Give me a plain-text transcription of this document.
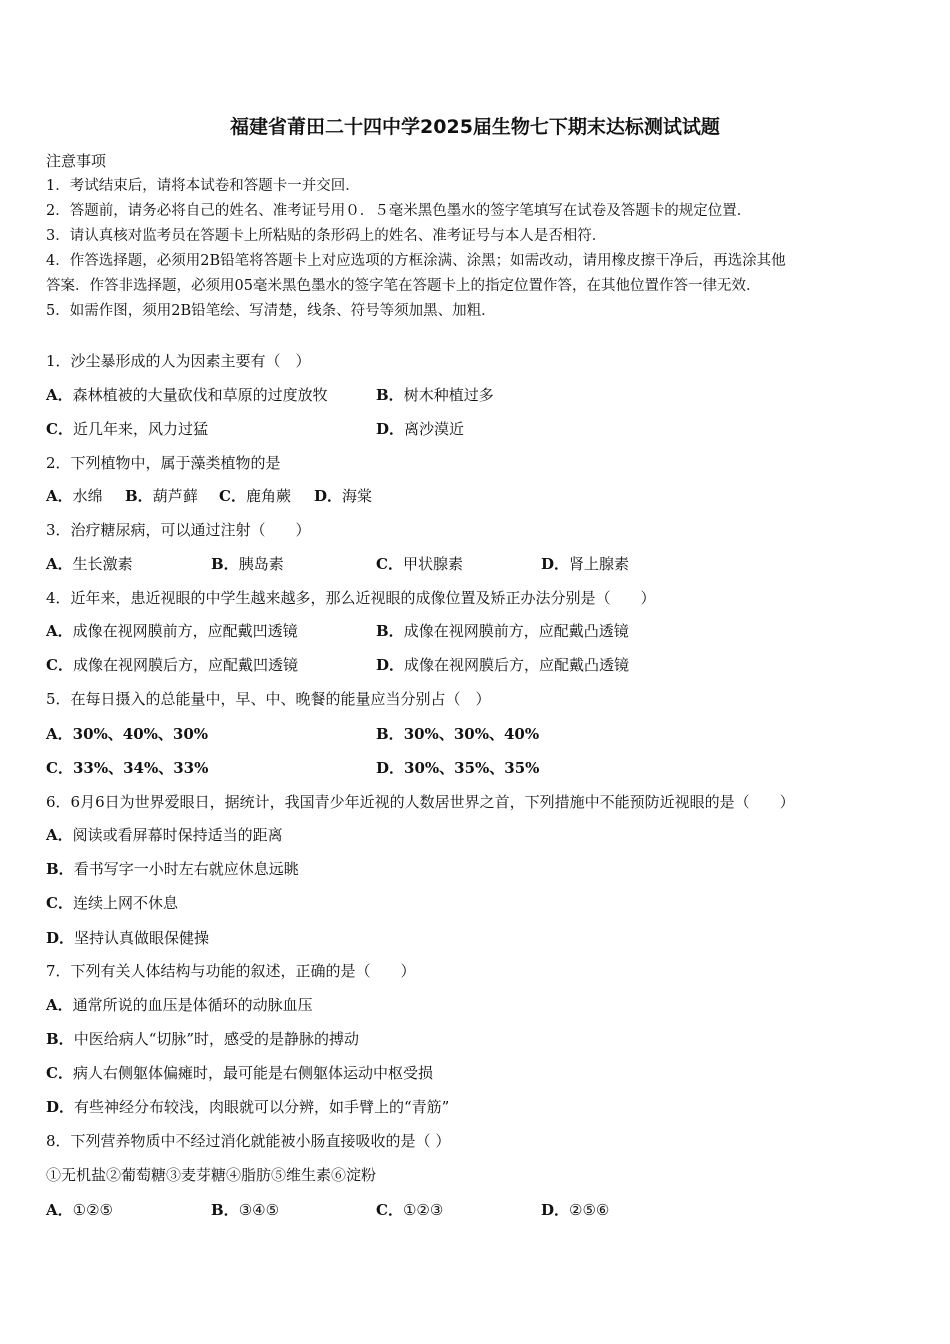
福建省莆田二十四中学2025届生物七下期末达标测试试题
注意事项
1．考试结束后，请将本试卷和答题卡一并交回．
2．答题前，请务必将自己的姓名、准考证号用０．５毫米黑色墨水的签字笔填写在试卷及答题卡的规定位置．
3．请认真核对监考员在答题卡上所粘贴的条形码上的姓名、准考证号与本人是否相符．
4．作答选择题，必须用2B铅笔将答题卡上对应选项的方框涂满、涂黑；如需改动，请用橡皮擦干净后，再选涂其他
答案．作答非选择题，必须用05毫米黑色墨水的签字笔在答题卡上的指定位置作答，在其他位置作答一律无效．
5．如需作图，须用2B铅笔绘、写清楚，线条、符号等须加黑、加粗．
1．沙尘暴形成的人为因素主要有（　）
A．森林植被的大量砍伐和草原的过度放牧	B．树木种植过多
C．近几年来，风力过猛	D．离沙漠近
2．下列植物中，属于藻类植物的是
A．水绵 B．葫芦藓 C．鹿角蕨 D．海棠
3．治疗糖尿病，可以通过注射（　　）
A．生长激素	B．胰岛素	C．甲状腺素	D．肾上腺素
4．近年来，患近视眼的中学生越来越多，那么近视眼的成像位置及矫正办法分别是（　　）
A．成像在视网膜前方，应配戴凹透镜	B．成像在视网膜前方，应配戴凸透镜
C．成像在视网膜后方，应配戴凹透镜	D．成像在视网膜后方，应配戴凸透镜
5．在每日摄入的总能量中，早、中、晚餐的能量应当分别占（　）
A．30%、40%、30%	B．30%、30%、40%
C．33%、34%、33%	D．30%、35%、35%
6．6月6日为世界爱眼日，据统计，我国青少年近视的人数居世界之首，下列措施中不能预防近视眼的是（　　）
A．阅读或看屏幕时保持适当的距离
B．看书写字一小时左右就应休息远眺
C．连续上网不休息
D．坚持认真做眼保健操
7．下列有关人体结构与功能的叙述，正确的是（　　）
A．通常所说的血压是体循环的动脉血压
B．中医给病人“切脉”时，感受的是静脉的搏动
C．病人右侧躯体偏瘫时，最可能是右侧躯体运动中枢受损
D．有些神经分布较浅，肉眼就可以分辨，如手臂上的“青筋”
8．下列营养物质中不经过消化就能被小肠直接吸收的是（ ）
①无机盐②葡萄糖③麦芽糖④脂肪⑤维生素⑥淀粉
A．①②⑤	B．③④⑤	C．①②③	D．②⑤⑥
